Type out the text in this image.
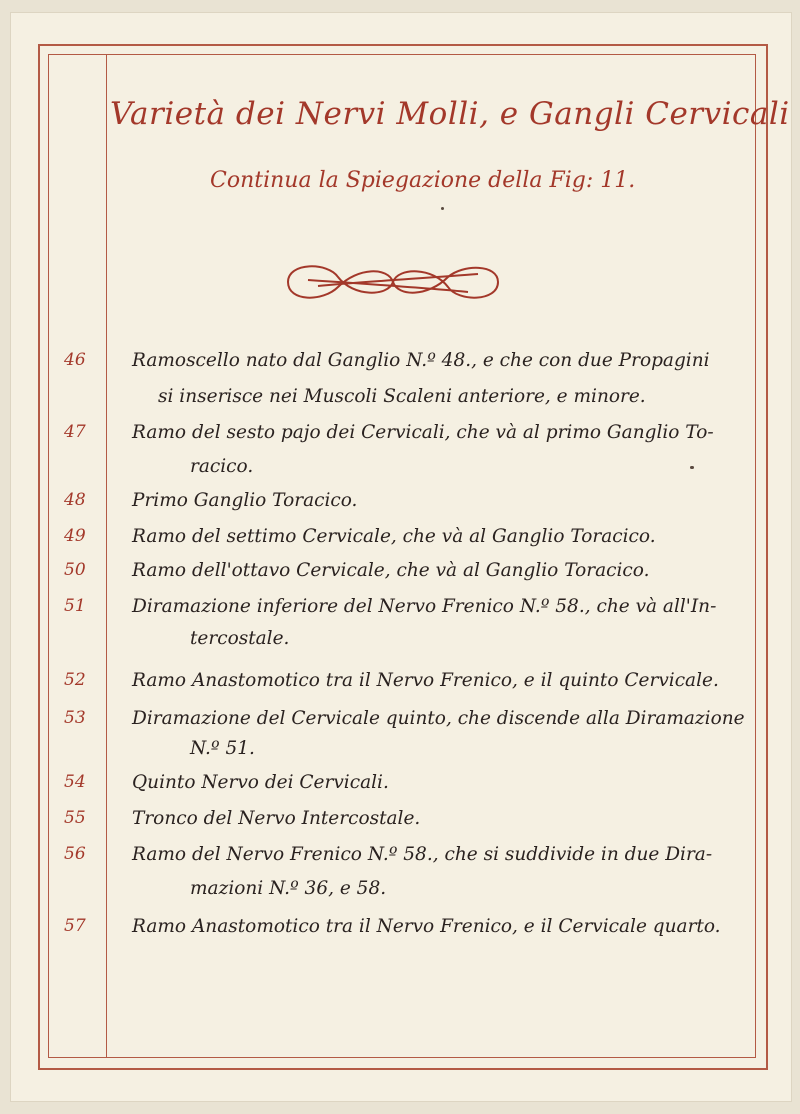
Varietà dei Nervi Molli, e Gangli Cervicali
Continua la Spiegazione della Fig: 11.
46	Ramoscello nato dal Ganglio N.º 48., e che con due Propagini
si inserisce nei Muscoli Scaleni anteriore, e minore.
47	Ramo del sesto pajo dei Cervicali, che và al primo Ganglio To-
racico.
48	Primo Ganglio Toracico.
49	Ramo del settimo Cervicale, che và al Ganglio Toracico.
50	Ramo dell'ottavo Cervicale, che và al Ganglio Toracico.
51	Diramazione inferiore del Nervo Frenico N.º 58., che và all'In-
tercostale.
52	Ramo Anastomotico tra il Nervo Frenico, e il quinto Cervicale.
53	Diramazione del Cervicale quinto, che discende alla Diramazione
N.º 51.
54	Quinto Nervo dei Cervicali.
55	Tronco del Nervo Intercostale.
56	Ramo del Nervo Frenico N.º 58., che si suddivide in due Dira-
mazioni N.º 36, e 58.
57	Ramo Anastomotico tra il Nervo Frenico, e il Cervicale quarto.
